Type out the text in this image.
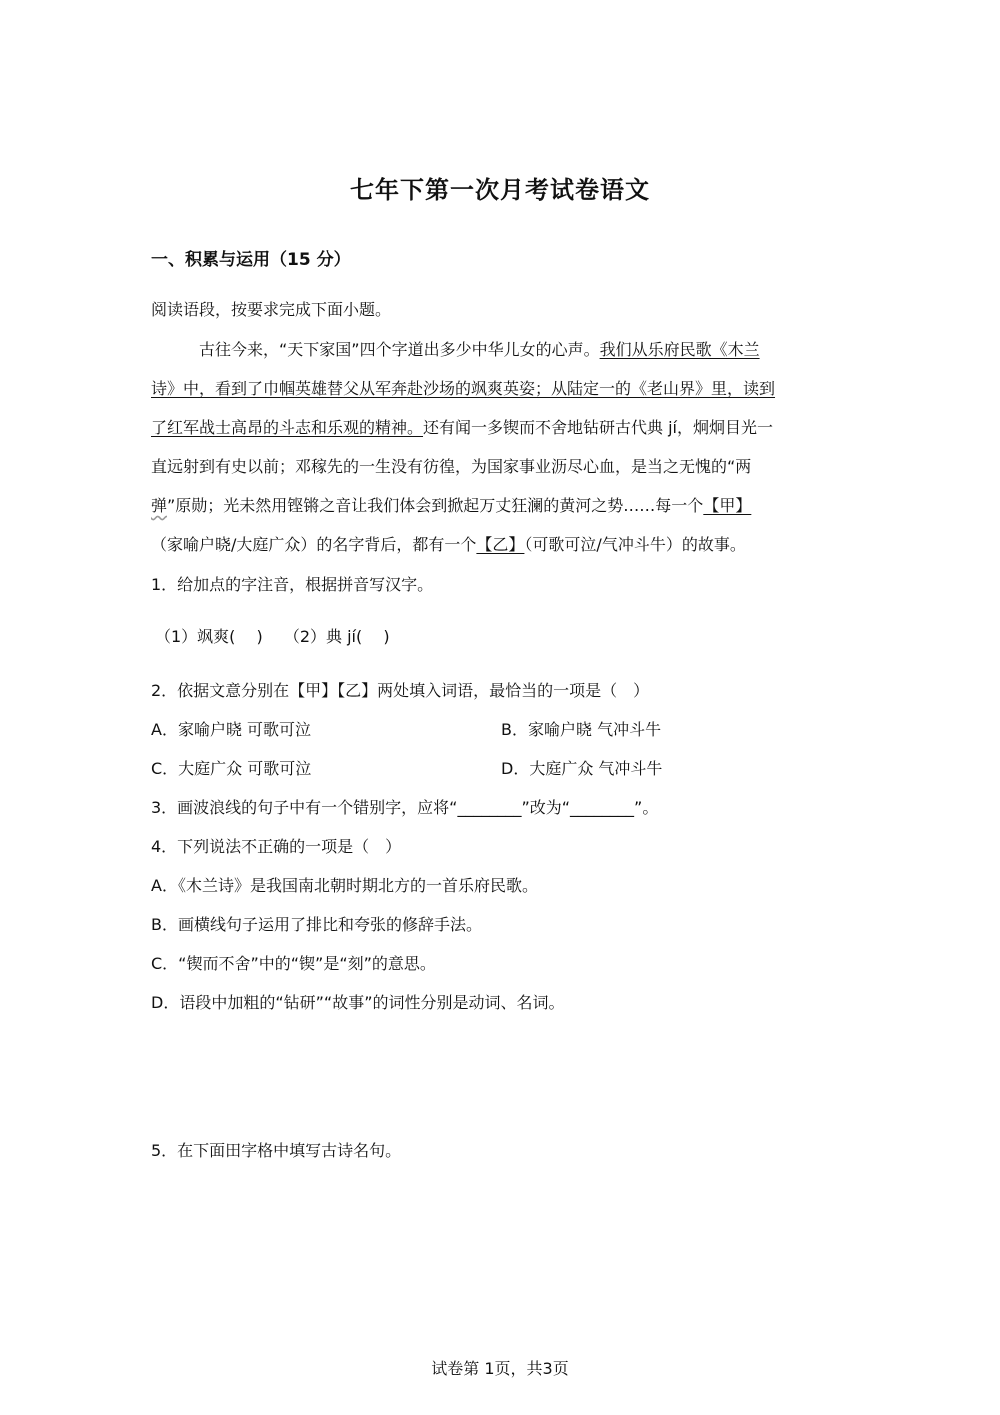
七年下第一次月考试卷语文
一、积累与运用（15 分）
阅读语段，按要求完成下面小题。
古往今来，“天下家国”四个字道出多少中华儿女的心声。我们从乐府民歌《木兰
诗》中，看到了巾帼英雄替父从军奔赴沙场的飒爽英姿；从陆定一的《老山界》里，读到
了红军战士高昂的斗志和乐观的精神。还有闻一多锲而不舍地钻研古代典 jí，炯炯目光一
直远射到有史以前；邓稼先的一生没有彷徨，为国家事业沥尽心血，是当之无愧的“两
弹”原勋；光未然用铿锵之音让我们体会到掀起万丈狂澜的黄河之势……每一个【甲】
（家喻户晓/大庭广众）的名字背后，都有一个【乙】（可歌可泣/气冲斗牛）的故事。
1．给加点的字注音，根据拼音写汉字。
（1）飒爽(　 )　 （2）典 jí(　 )
2．依据文意分别在【甲】【乙】两处填入词语，最恰当的一项是（　）
A．家喻户晓 可歌可泣	B．家喻户晓 气冲斗牛
C．大庭广众 可歌可泣	D．大庭广众 气冲斗牛
3．画波浪线的句子中有一个错别字，应将“________”改为“________”。
4．下列说法不正确的一项是（　）
A．《木兰诗》是我国南北朝时期北方的一首乐府民歌。
B．画横线句子运用了排比和夸张的修辞手法。
C．“锲而不舍”中的“锲”是“刻”的意思。
D．语段中加粗的“钻研”“故事”的词性分别是动词、名词。
5．在下面田字格中填写古诗名句。
试卷第 1页，共3页
